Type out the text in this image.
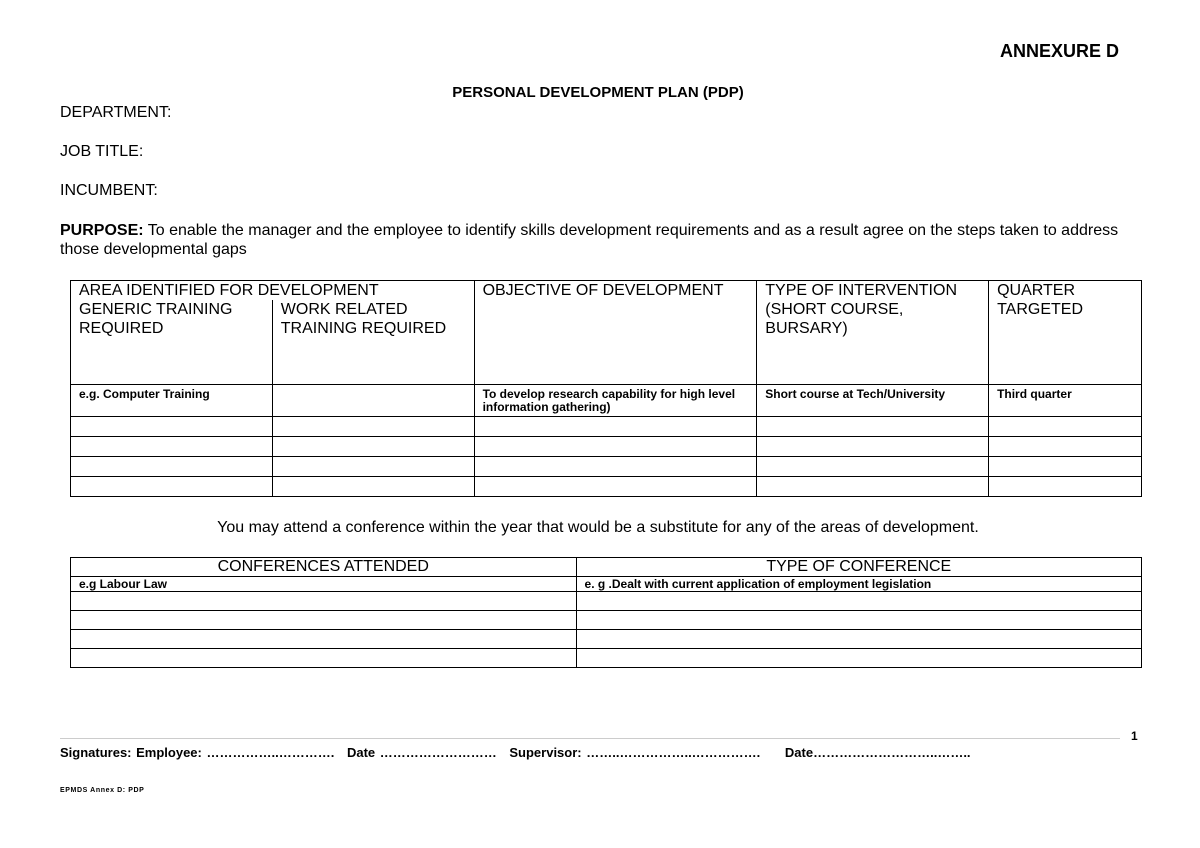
ANNEXURE D
PERSONAL DEVELOPMENT PLAN (PDP)
DEPARTMENT:
JOB TITLE:
INCUMBENT:
PURPOSE: To enable the manager and the employee to identify skills development requirements and as a result agree on the steps taken to address those developmental gaps
AREA IDENTIFIED FOR DEVELOPMENT		OBJECTIVE OF DEVELOPMENT	TYPE OF INTERVENTION (SHORT COURSE, BURSARY)	QUARTER TARGETED
GENERIC TRAINING REQUIRED	WORK RELATED TRAINING REQUIRED			
e.g. Computer Training		To develop research capability for high level information gathering)	Short course at Tech/University	Third quarter

You may attend a conference within the year that would be a substitute for any of the areas of development.
CONFERENCES ATTENDED	TYPE OF CONFERENCE
e.g Labour Law	e. g .Dealt with current application of employment legislation

1
Signatures: Employee: ……………..…………. Date ……………………… Supervisor: ……..……………..……………. Date………………………..……..
EPMDS Annex D: PDP
